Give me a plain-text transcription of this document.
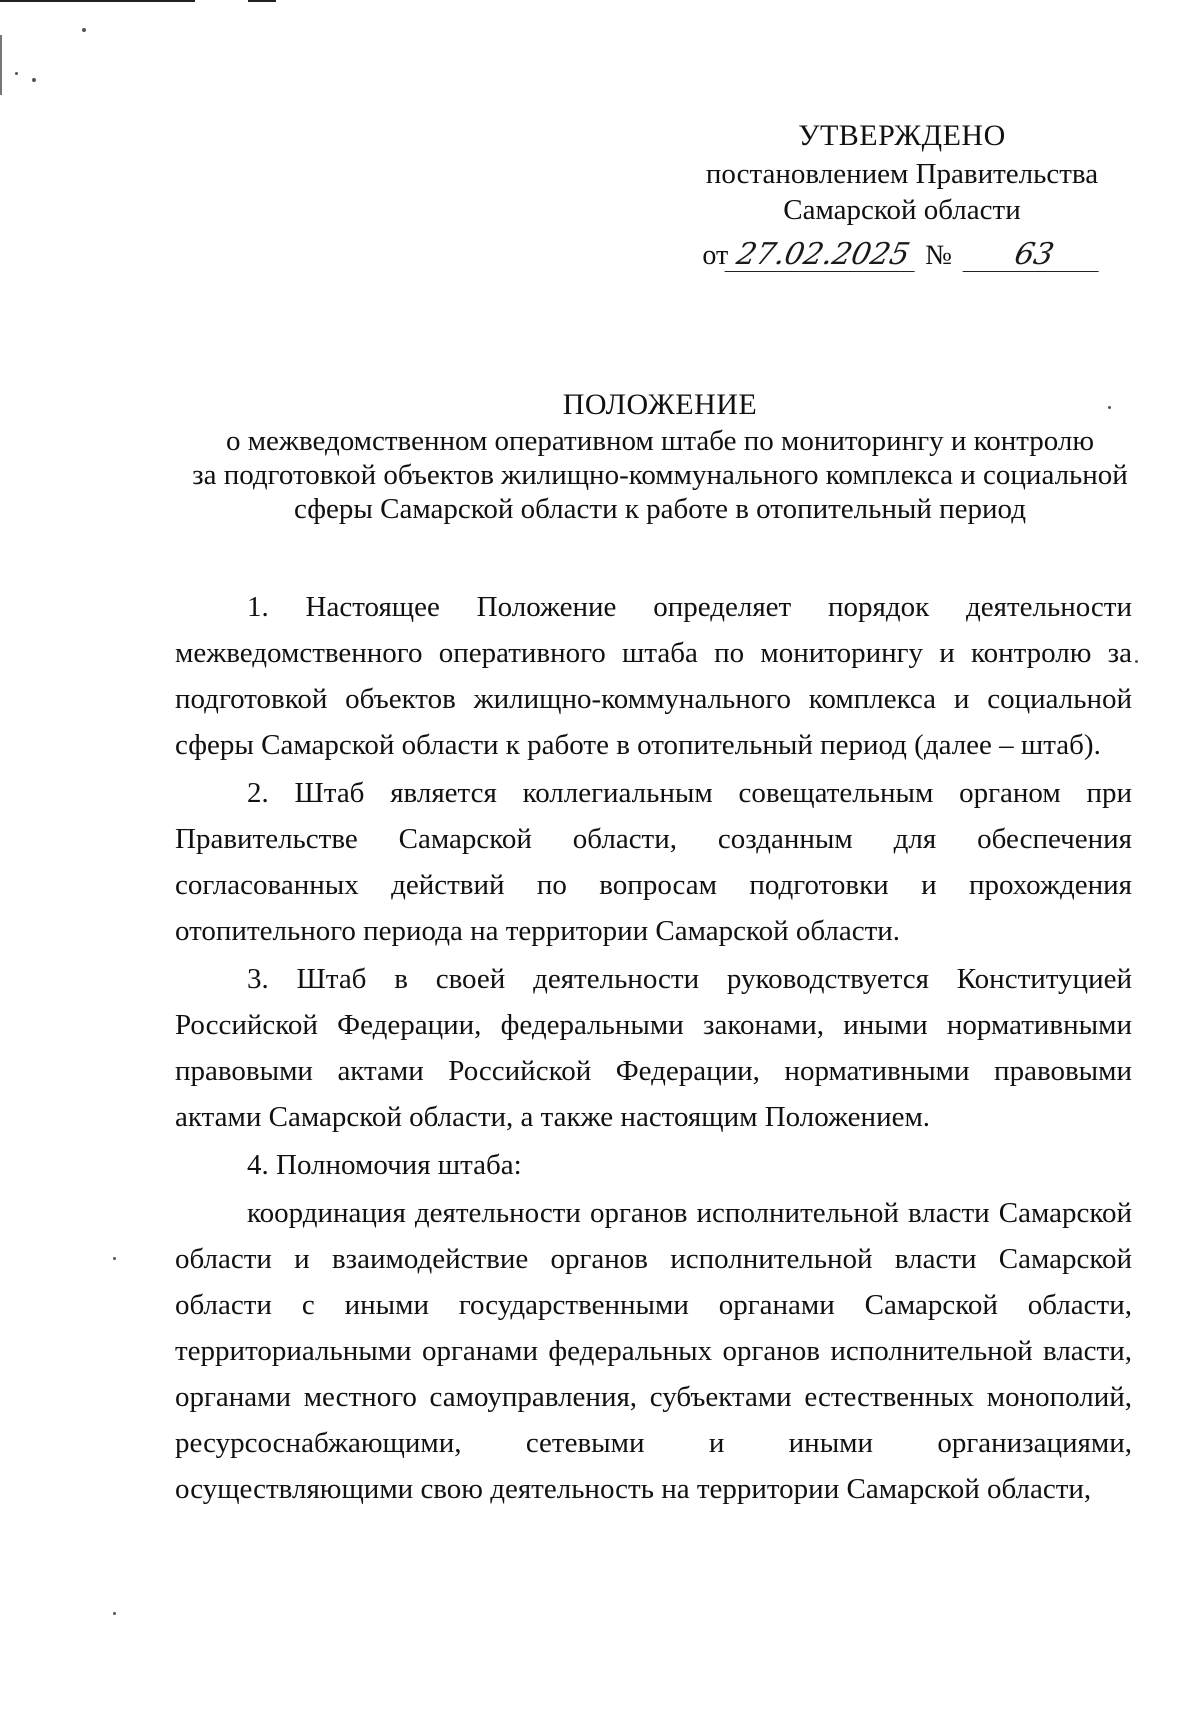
УТВЕРЖДЕНО
постановлением Правительства
Самарской области
от 27.02.2025 № 63
ПОЛОЖЕНИЕ
о межведомственном оперативном штабе по мониторингу и контролю
за подготовкой объектов жилищно-коммунального комплекса и социальной
сферы Самарской области к работе в отопительный период

1. Настоящее Положение определяет порядок деятельности межведомственного оперативного штаба по мониторингу и контролю за подготовкой объектов жилищно-коммунального комплекса и социальной сферы Самарской области к работе в отопительный период (далее – штаб).

2. Штаб является коллегиальным совещательным органом при Правительстве Самарской области, созданным для обеспечения согласованных действий по вопросам подготовки и прохождения отопительного периода на территории Самарской области.

3. Штаб в своей деятельности руководствуется Конституцией Российской Федерации, федеральными законами, иными нормативными правовыми актами Российской Федерации, нормативными правовыми актами Самарской области, а также настоящим Положением.

4. Полномочия штаба:

координация деятельности органов исполнительной власти Самарской области и взаимодействие органов исполнительной власти Самарской области с иными государственными органами Самарской области, территориальными органами федеральных органов исполнительной власти, органами местного самоуправления, субъектами естественных монополий, ресурсоснабжающими, сетевыми и иными организациями, осуществляющими свою деятельность на территории Самарской области,
